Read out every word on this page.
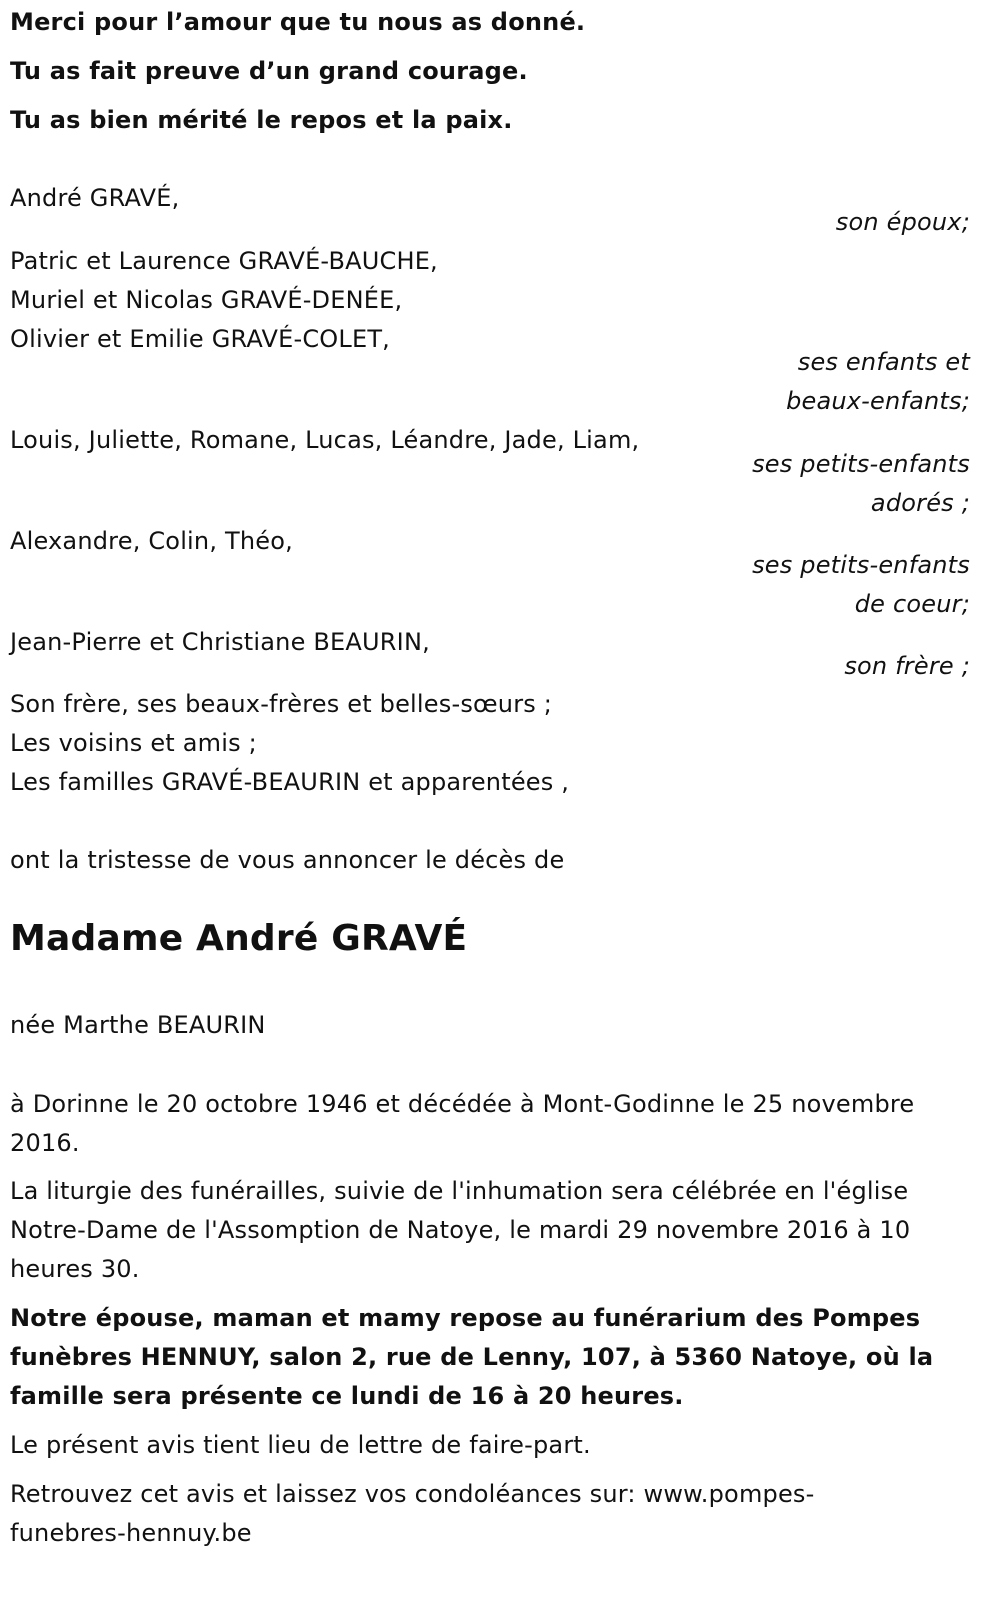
Merci pour l’amour que tu nous as donné.

Tu as fait preuve d’un grand courage.

Tu as bien mérité le repos et la paix.

André GRAVÉ,

son époux;
Patric et Laurence GRAVÉ-BAUCHE,
Muriel et Nicolas GRAVÉ-DENÉE,
Olivier et Emilie GRAVÉ-COLET,
ses enfants et
beaux-enfants;

Louis, Juliette, Romane, Lucas, Léandre, Jade, Liam,

ses petits-enfants
adorés ;

Alexandre, Colin, Théo,

ses petits-enfants
de coeur;

Jean-Pierre et Christiane BEAURIN,

son frère ;
Son frère, ses beaux-frères et belles-sœurs ;
Les voisins et amis ;
Les familles GRAVÉ-BEAURIN et apparentées ,

ont la tristesse de vous annoncer le décès de

Madame André GRAVÉ

née Marthe BEAURIN

à Dorinne le 20 octobre 1946 et décédée à Mont-Godinne le 25 novembre 2016.

La liturgie des funérailles, suivie de l'inhumation sera célébrée en l'église Notre-Dame de l'Assomption de Natoye, le mardi 29 novembre 2016 à 10 heures 30.

Notre épouse, maman et mamy repose au funérarium des Pompes funèbres HENNUY, salon 2, rue de Lenny, 107, à 5360 Natoye, où la famille sera présente ce lundi de 16 à 20 heures.

Le présent avis tient lieu de lettre de faire-part.

Retrouvez cet avis et laissez vos condoléances sur: www.pompes-funebres-hennuy.be
